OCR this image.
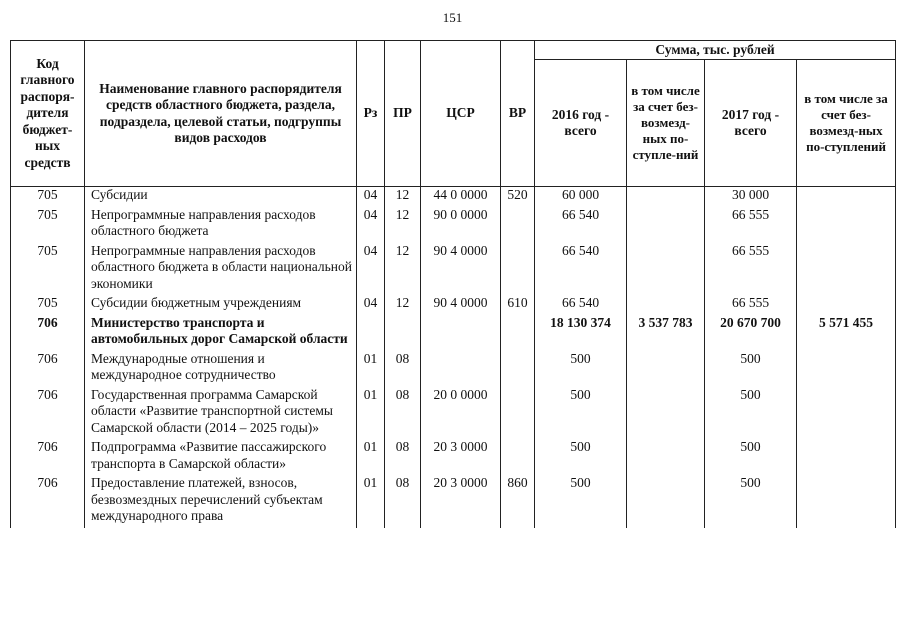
151
Код главного распоря-дителя бюджет-ных средств	Наименование главного распорядителя средств областного бюджета, раздела, подраздела, целевой статьи, подгруппы видов расходов	Рз	ПР	ЦСР	ВР	Сумма, тыс. рублей			
						2016 год - всего	в том числе за счет без-возмезд-ных по-ступле-ний	2017 год - всего	в том числе за счет без-возмезд-ных по-ступлений
705	Субсидии	04	12	44 0 0000	520	60 000		30 000	
705	Непрограммные направления расходов областного бюджета	04	12	90 0 0000		66 540		66 555	
705	Непрограммные направления расходов областного бюджета в области национальной экономики	04	12	90 4 0000		66 540		66 555	
705	Субсидии бюджетным учреждениям	04	12	90 4 0000	610	66 540		66 555	
706	Министерство транспорта и автомобильных дорог Самарской области					18 130 374	3 537 783	20 670 700	5 571 455
706	Международные отношения и международное сотрудничество	01	08			500		500	
706	Государственная программа Самарской области «Развитие транспортной системы Самарской области (2014 – 2025 годы)»	01	08	20 0 0000		500		500	
706	Подпрограмма «Развитие пассажирского транспорта в Самарской области»	01	08	20 3 0000		500		500	
706	Предоставление платежей, взносов, безвозмездных перечислений субъектам международного права	01	08	20 3 0000	860	500		500	
